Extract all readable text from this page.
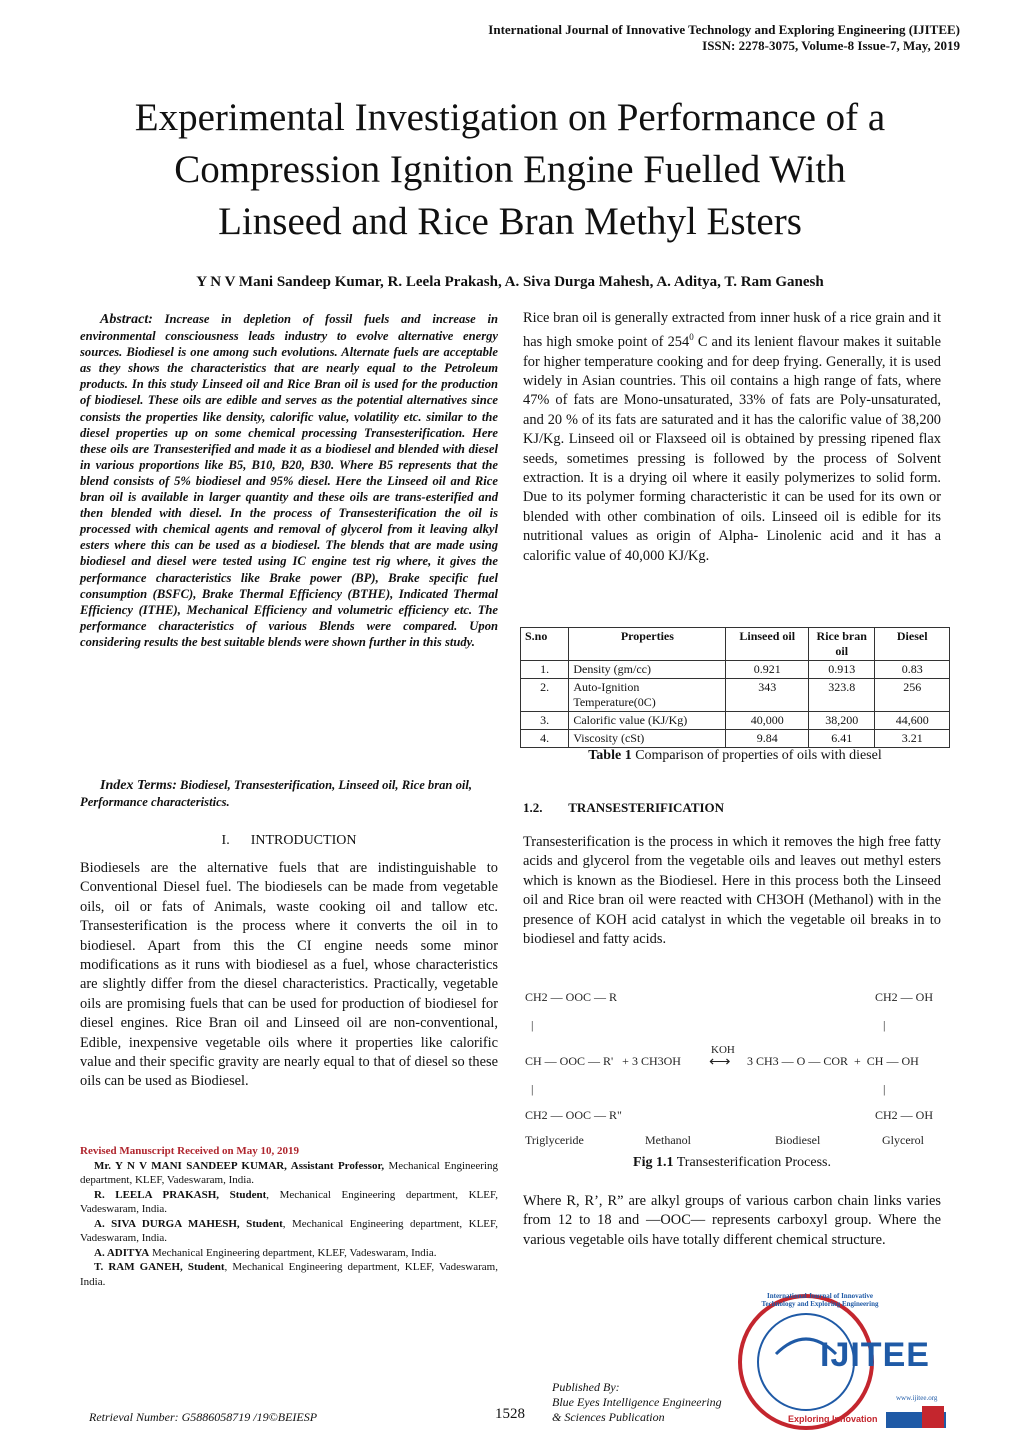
International Journal of Innovative Technology and Exploring Engineering (IJITEE)
ISSN: 2278-3075, Volume-8 Issue-7, May, 2019
Experimental Investigation on Performance of a
Compression Ignition Engine Fuelled With
Linseed and Rice Bran Methyl Esters
Y N V Mani Sandeep Kumar, R. Leela Prakash, A. Siva Durga Mahesh, A. Aditya, T. Ram Ganesh
Abstract: Increase in depletion of fossil fuels and increase in environmental consciousness leads industry to evolve alternative energy sources. Biodiesel is one among such evolutions. Alternate fuels are acceptable as they shows the characteristics that are nearly equal to the Petroleum products. In this study Linseed oil and Rice Bran oil is used for the production of biodiesel. These oils are edible and serves as the potential alternatives since consists the properties like density, calorific value, volatility etc. similar to the diesel properties up on some chemical processing Transesterification. Here these oils are Transesterified and made it as a biodiesel and blended with diesel in various proportions like B5, B10, B20, B30. Where B5 represents that the blend consists of 5% biodiesel and 95% diesel. Here the Linseed oil and Rice bran oil is available in larger quantity and these oils are trans-esterified and then blended with diesel. In the process of Transesterification the oil is processed with chemical agents and removal of glycerol from it leaving alkyl esters where this can be used as a biodiesel. The blends that are made using biodiesel and diesel were tested using IC engine test rig where, it gives the performance characteristics like Brake power (BP), Brake specific fuel consumption (BSFC), Brake Thermal Efficiency (BTHE), Indicated Thermal Efficiency (ITHE), Mechanical Efficiency and volumetric efficiency etc. The performance characteristics of various Blends were compared. Upon considering results the best suitable blends were shown further in this study.
Index Terms: Biodiesel, Transesterification, Linseed oil, Rice bran oil, Performance characteristics.
I.      INTRODUCTION
Biodiesels are the alternative fuels that are indistinguishable to Conventional Diesel fuel. The biodiesels can be made from vegetable oils, oil or fats of Animals, waste cooking oil and tallow etc. Transesterification is the process where it converts the oil in to biodiesel. Apart from this the CI engine needs some minor modifications as it runs with biodiesel as a fuel, whose characteristics are slightly differ from the diesel characteristics. Practically, vegetable oils are promising fuels that can be used for production of biodiesel for diesel engines. Rice Bran oil and Linseed oil are non-conventional, Edible, inexpensive vegetable oils where it properties like calorific value and their specific gravity are nearly equal to that of diesel so these oils can be used as Biodiesel.
Revised Manuscript Received on May 10, 2019
Mr. Y N V MANI SANDEEP KUMAR, Assistant Professor, Mechanical Engineering department, KLEF, Vadeswaram, India.
R. LEELA PRAKASH, Student, Mechanical Engineering department, KLEF, Vadeswaram, India.
A. SIVA DURGA MAHESH, Student, Mechanical Engineering department, KLEF, Vadeswaram, India.
A. ADITYA Mechanical Engineering department, KLEF, Vadeswaram, India.
T. RAM GANEH, Student, Mechanical Engineering department, KLEF, Vadeswaram, India.
Rice bran oil is generally extracted from inner husk of a rice grain and it has high smoke point of $254^0$ C and its lenient flavour makes it suitable for higher temperature cooking and for deep frying. Generally, it is used widely in Asian countries. This oil contains a high range of fats, where 47% of fats are Mono-unsaturated, 33% of fats are Poly-unsaturated, and 20 % of its fats are saturated and it has the calorific value of 38,200 KJ/Kg. Linseed oil or Flaxseed oil is obtained by pressing ripened flax seeds, sometimes pressing is followed by the process of Solvent extraction. It is a drying oil where it easily polymerizes to solid form. Due to its polymer forming characteristic it can be used for its own or blended with other combination of oils. Linseed oil is edible for its nutritional values as origin of Alpha- Linolenic acid and it has a calorific value of 40,000 KJ/Kg.
S.no	Properties	Linseed oil	Rice bran oil	Diesel
1.	Density (gm/cc)	0.921	0.913	0.83
2.	Auto-Ignition Temperature(0C)	343	323.8	256
3.	Calorific value (KJ/Kg)	40,000	38,200	44,600
4.	Viscosity (cSt)	9.84	6.41	3.21
Table 1 Comparison of properties of oils with diesel
1.2.        TRANSESTERIFICATION
Transesterification is the process in which it removes the high free fatty acids and glycerol from the vegetable oils and leaves out methyl esters which is known as the Biodiesel. Here in this process both the Linseed oil and Rice bran oil were reacted with CH3OH (Methanol) with in the presence of KOH acid catalyst in which the vegetable oil breaks in to biodiesel and fatty acids.
CH2 — OOC — R	CH2 — OH
|	|
KOH
CH — OOC — R'   + 3 CH3OH ⟷ 3 CH3 — O — COR  +  CH — OH
|	|
CH2 — OOC — R"	CH2 — OH
Triglyceride	Methanol	Biodiesel	Glycerol
Fig 1.1 Transesterification Process.
Where R, R’, R” are alkyl groups of various carbon chain links varies from 12 to 18 and —OOC— represents carboxyl group. Where the various vegetable oils have totally different chemical structure.
IJITEE
International Journal of Innovative Technology and Exploring Engineering
www.ijitee.org
Exploring Innovation
Retrieval Number: G5886058719 /19©BEIESP	1528
Published By:
Blue Eyes Intelligence Engineering
& Sciences Publication
